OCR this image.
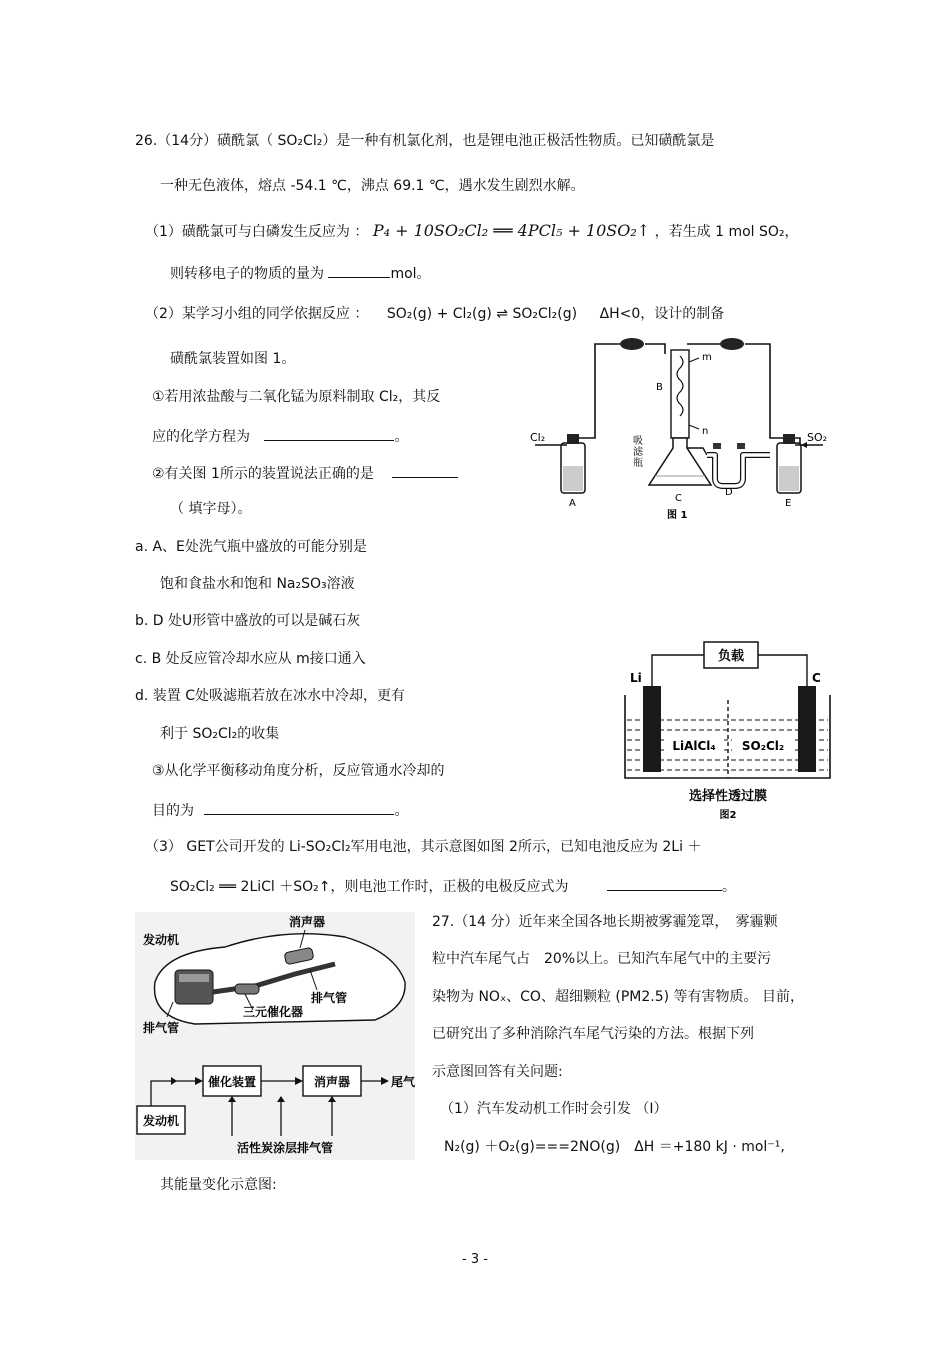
26.（14分）磺酰氯（ SO₂Cl₂）是一种有机氯化剂，也是锂电池正极活性物质。已知磺酰氯是
一种无色液体，熔点 -54.1 ℃，沸点 69.1 ℃，遇水发生剧烈水解。
（1）磺酰氯可与白磷发生反应为 ： P₄ + 10SO₂Cl₂ ══ 4PCl₅ + 10SO₂↑ ，若生成 1 mol SO₂，
则转移电子的物质的量为	mol。
（2）某学习小组的同学依据反应 ： SO₂(g) + Cl₂(g) ⇌ SO₂Cl₂(g) ΔH<0，设计的制备
磺酰氯装置如图 1。
①若用浓盐酸与二氧化锰为原料制取 Cl₂，其反
应的化学方程为	。
②有关图 1所示的装置说法正确的是
（ 填字母）。
a. A、E处洗气瓶中盛放的可能分别是
饱和食盐水和饱和 Na₂SO₃溶液
b. D 处U形管中盛放的可以是碱石灰
c. B 处反应管冷却水应从 m接口通入
d. 装置 C处吸滤瓶若放在冰水中冷却，更有
利于 SO₂Cl₂的收集
③从化学平衡移动角度分析，反应管通水冷却的
目的为	。
（3） GET公司开发的 Li-SO₂Cl₂军用电池，其示意图如图 2所示，已知电池反应为 2Li ＋
SO₂Cl₂ ══ 2LiCl ＋SO₂↑，则电池工作时，正极的电极反应式为	。
m
n
B
吸
滤
瓶
Cl₂	SO₂
A	C
D
E
图 1
负载
Li	C
LiAlCl₄ SO₂Cl₂
选择性透过膜
图2
消声器
发动机
排气管
三元催化器
排气管
催化装置	消声器
发动机
尾气
活性炭涂层排气管
27.（14 分）近年来全国各地长期被雾霾笼罩，　雾霾颗
粒中汽车尾气占　20%以上。已知汽车尾气中的主要污
染物为 NOₓ、CO、超细颗粒 (PM2.5) 等有害物质。 目前，
已研究出了多种消除汽车尾气污染的方法。根据下列
示意图回答有关问题:
（1）汽车发动机工作时会引发 （Ⅰ）
N₂(g) ＋O₂(g)===2NO(g)　ΔH ＝+180 kJ · mol⁻¹,
其能量变化示意图:
- 3 -
